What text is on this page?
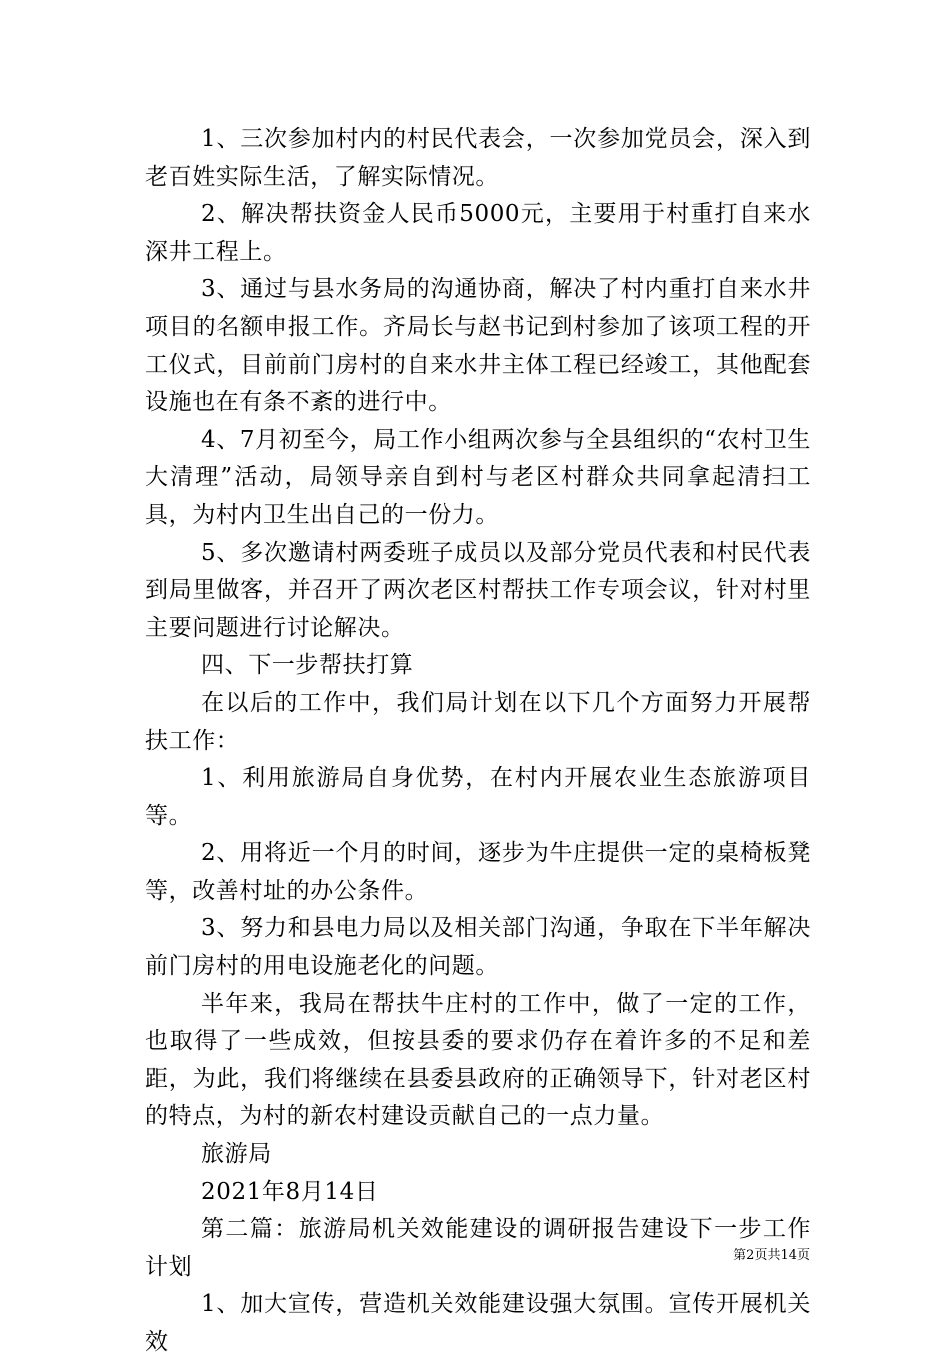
1、三次参加村内的村民代表会，一次参加党员会，深入到老百姓实际生活，了解实际情况。

2、解决帮扶资金人民币5000元，主要用于村重打自来水深井工程上。

3、通过与县水务局的沟通协商，解决了村内重打自来水井项目的名额申报工作。齐局长与赵书记到村参加了该项工程的开工仪式，目前前门房村的自来水井主体工程已经竣工，其他配套设施也在有条不紊的进行中。

4、7月初至今，局工作小组两次参与全县组织的“农村卫生大清理”活动，局领导亲自到村与老区村群众共同拿起清扫工具，为村内卫生出自己的一份力。

5、多次邀请村两委班子成员以及部分党员代表和村民代表到局里做客，并召开了两次老区村帮扶工作专项会议，针对村里主要问题进行讨论解决。

四、下一步帮扶打算

在以后的工作中，我们局计划在以下几个方面努力开展帮扶工作：

1、利用旅游局自身优势，在村内开展农业生态旅游项目等。

2、用将近一个月的时间，逐步为牛庄提供一定的桌椅板凳等，改善村址的办公条件。

3、努力和县电力局以及相关部门沟通，争取在下半年解决前门房村的用电设施老化的问题。

半年来，我局在帮扶牛庄村的工作中，做了一定的工作，也取得了一些成效，但按县委的要求仍存在着许多的不足和差距，为此，我们将继续在县委县政府的正确领导下，针对老区村的特点，为村的新农村建设贡献自己的一点力量。

旅游局

2021年8月14日

第二篇：旅游局机关效能建设的调研报告建设下一步工作计划

1、加大宣传，营造机关效能建设强大氛围。宣传开展机关效

第2页共14页
